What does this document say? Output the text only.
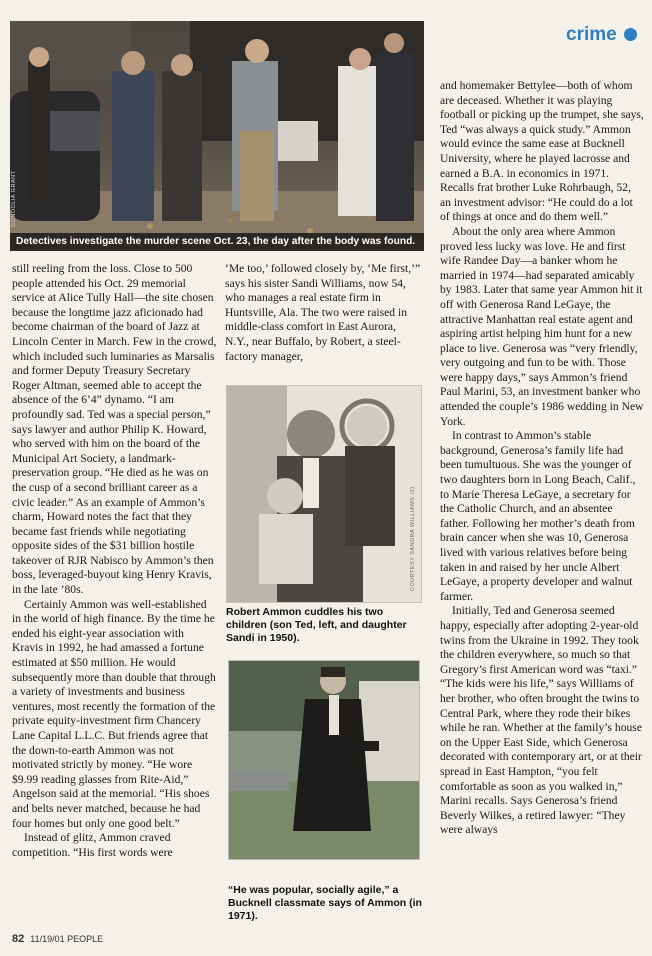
crime
GONDOLIA GRANT
Detectives investigate the murder scene Oct. 23, the day after the body was found.

still reeling from the loss. Close to 500 people attended his Oct. 29 memorial service at Alice Tully Hall—the site chosen because the longtime jazz aficionado had become chairman of the board of Jazz at Lincoln Center in March. Few in the crowd, which included such luminaries as Marsalis and former Deputy Treasury Secretary Roger Altman, seemed able to accept the absence of the 6’4” dynamo. “I am profoundly sad. Ted was a special person,” says lawyer and author Philip K. Howard, who served with him on the board of the Municipal Art Society, a landmark-preservation group. “He died as he was on the cusp of a second brilliant career as a civic leader.” As an example of Ammon’s charm, Howard notes the fact that they became fast friends while negotiating opposite sides of the $31 billion hostile takeover of RJR Nabisco by Ammon’s then boss, leveraged-buyout king Henry Kravis, in the late ’80s.

Certainly Ammon was well-established in the world of high finance. By the time he ended his eight-year association with Kravis in 1992, he had amassed a fortune estimated at $50 million. He would subsequently more than double that through a variety of investments and business ventures, most recently the formation of the private equity-investment firm Chancery Lane Capital L.L.C. But friends agree that the down-to-earth Ammon was not motivated strictly by money. “He wore $9.99 reading glasses from Rite-Aid,” Angelson said at the memorial. “His shoes and belts never matched, because he had four homes but only one good belt.”

Instead of glitz, Ammon craved competition. “His first words were

‘Me too,’ followed closely by, ‘Me first,’” says his sister Sandi Williams, now 54, who manages a real estate firm in Huntsville, Ala. The two were raised in middle-class comfort in East Aurora, N.Y., near Buffalo, by Robert, a steel-factory manager,

COURTESY SANDRA WILLIAMS (2)
Robert Ammon cuddles his two children (son Ted, left, and daughter Sandi in 1950).
“He was popular, socially agile,” a Bucknell classmate says of Ammon (in 1971).

and homemaker Bettylee—both of whom are deceased. Whether it was playing football or picking up the trumpet, she says, Ted “was always a quick study.” Ammon would evince the same ease at Bucknell University, where he played lacrosse and earned a B.A. in economics in 1971. Recalls frat brother Luke Rohrbaugh, 52, an investment advisor: “He could do a lot of things at once and do them well.”

About the only area where Ammon proved less lucky was love. He and first wife Randee Day—a banker whom he married in 1974—had separated amicably by 1983. Later that same year Ammon hit it off with Generosa Rand LeGaye, the attractive Manhattan real estate agent and aspiring artist helping him hunt for a new place to live. Generosa was “very friendly, very outgoing and fun to be with. Those were happy days,” says Ammon’s friend Paul Marini, 53, an investment banker who attended the couple’s 1986 wedding in New York.

In contrast to Ammon’s stable background, Generosa’s family life had been tumultuous. She was the younger of two daughters born in Long Beach, Calif., to Marie Theresa LeGaye, a secretary for the Catholic Church, and an absentee father. Following her mother’s death from brain cancer when she was 10, Generosa lived with various relatives before being taken in and raised by her uncle Albert LeGaye, a property developer and walnut farmer.

Initially, Ted and Generosa seemed happy, especially after adopting 2-year-old twins from the Ukraine in 1992. They took the children everywhere, so much so that Gregory’s first American word was “taxi.” “The kids were his life,” says Williams of her brother, who often brought the twins to Central Park, where they rode their bikes while he ran. Whether at the family’s house on the Upper East Side, which Generosa decorated with contemporary art, or at their spread in East Hampton, “you felt comfortable as soon as you walked in,” Marini recalls. Says Generosa’s friend Beverly Wilkes, a retired lawyer: “They were always

82 11/19/01 PEOPLE
